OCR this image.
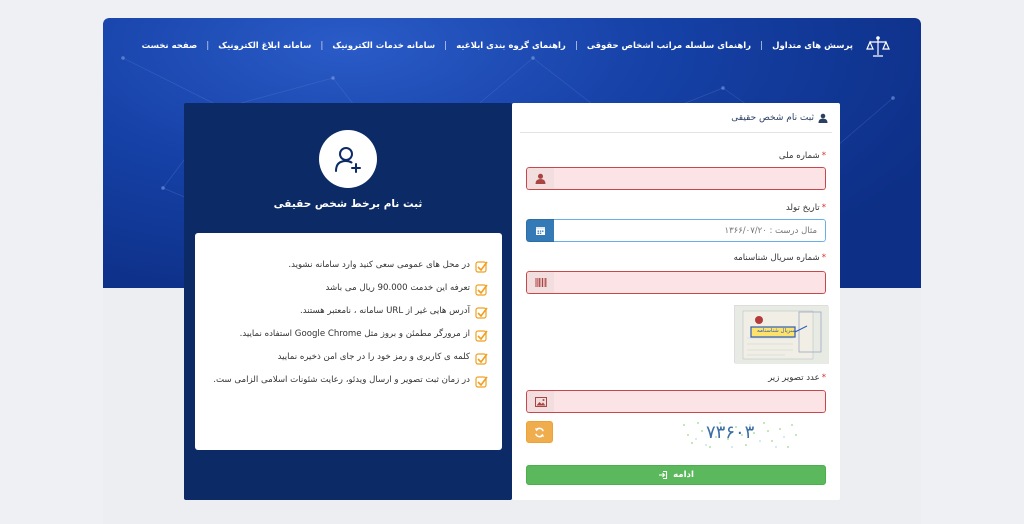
صفحه نخست | سامانه ابلاغ الکترونیک | سامانه خدمات الکترونیک | راهنمای گروه بندی ابلاغیه | راهنمای سلسله مراتب اشخاص حقوقی | پرسش های متداول
ثبت نام برخط شخص حقیقی
در محل های عمومی سعی کنید وارد سامانه نشوید.
تعرفه این خدمت 90.000 ریال می باشد
آدرس هایی غیر از URL سامانه ، نامعتبر هستند.
از مرورگر مطمئن و بروز مثل Google Chrome استفاده نمایید.
کلمه ی کاربری و رمز خود را در جای امن ذخیره نمایید
در زمان ثبت تصویر و ارسال ویدئو، رعایت شئونات اسلامی الزامی ست.
ثبت نام شخص حقیقی
*شماره ملی
*تاریخ تولد
مثال درست : ۱۳۶۶/۰۷/۲۰
*شماره سریال شناسنامه
سریال شناسنامه
*عدد تصویر زیر
۷۳۶۰۳
ادامه
